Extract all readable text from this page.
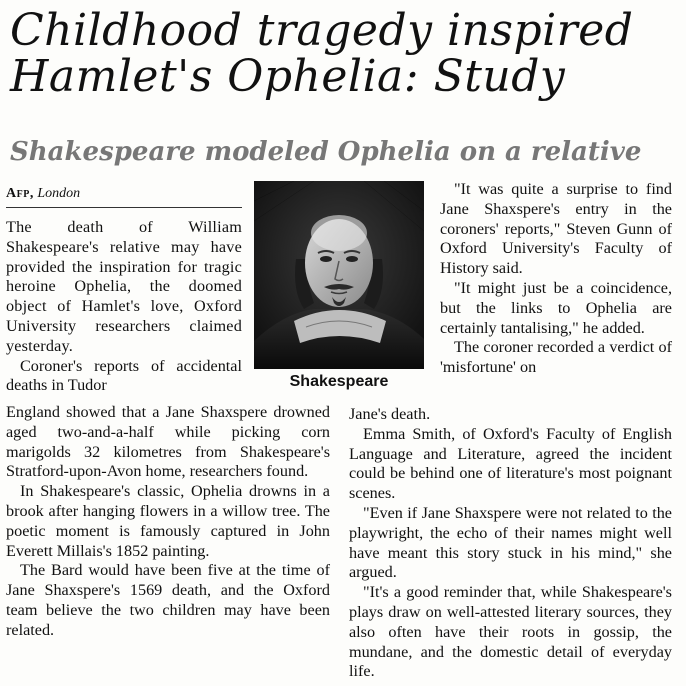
Childhood tragedy inspired
Hamlet's Ophelia: Study
Shakespeare modeled Ophelia on a relative
Afp, London
Shakespeare

The death of William Shakespeare's relative may have provided the inspiration for tragic heroine Ophelia, the doomed object of Hamlet's love, Oxford University researchers claimed yesterday.

Coroner's reports of accidental deaths in Tudor

England showed that a Jane Shaxspere drowned aged two-and-a-half while picking corn marigolds 32 kilometres from Shakespeare's Stratford-upon-Avon home, researchers found.

In Shakespeare's classic, Ophelia drowns in a brook after hanging flowers in a willow tree. The poetic moment is famously captured in John Everett Millais's 1852 painting.

The Bard would have been five at the time of Jane Shaxspere's 1569 death, and the Oxford team believe the two children may have been related.

"It was quite a surprise to find Jane Shaxspere's entry in the coroners' reports," Steven Gunn of Oxford University's Faculty of History said.

"It might just be a coincidence, but the links to Ophelia are certainly tantalising," he added.

The coroner recorded a verdict of 'misfortune' on

Jane's death.

Emma Smith, of Oxford's Faculty of English Language and Literature, agreed the incident could be behind one of literature's most poignant scenes.

"Even if Jane Shaxspere were not related to the playwright, the echo of their names might well have meant this story stuck in his mind," she argued.

"It's a good reminder that, while Shakespeare's plays draw on well-attested literary sources, they also often have their roots in gossip, the mundane, and the domestic detail of everyday life.
